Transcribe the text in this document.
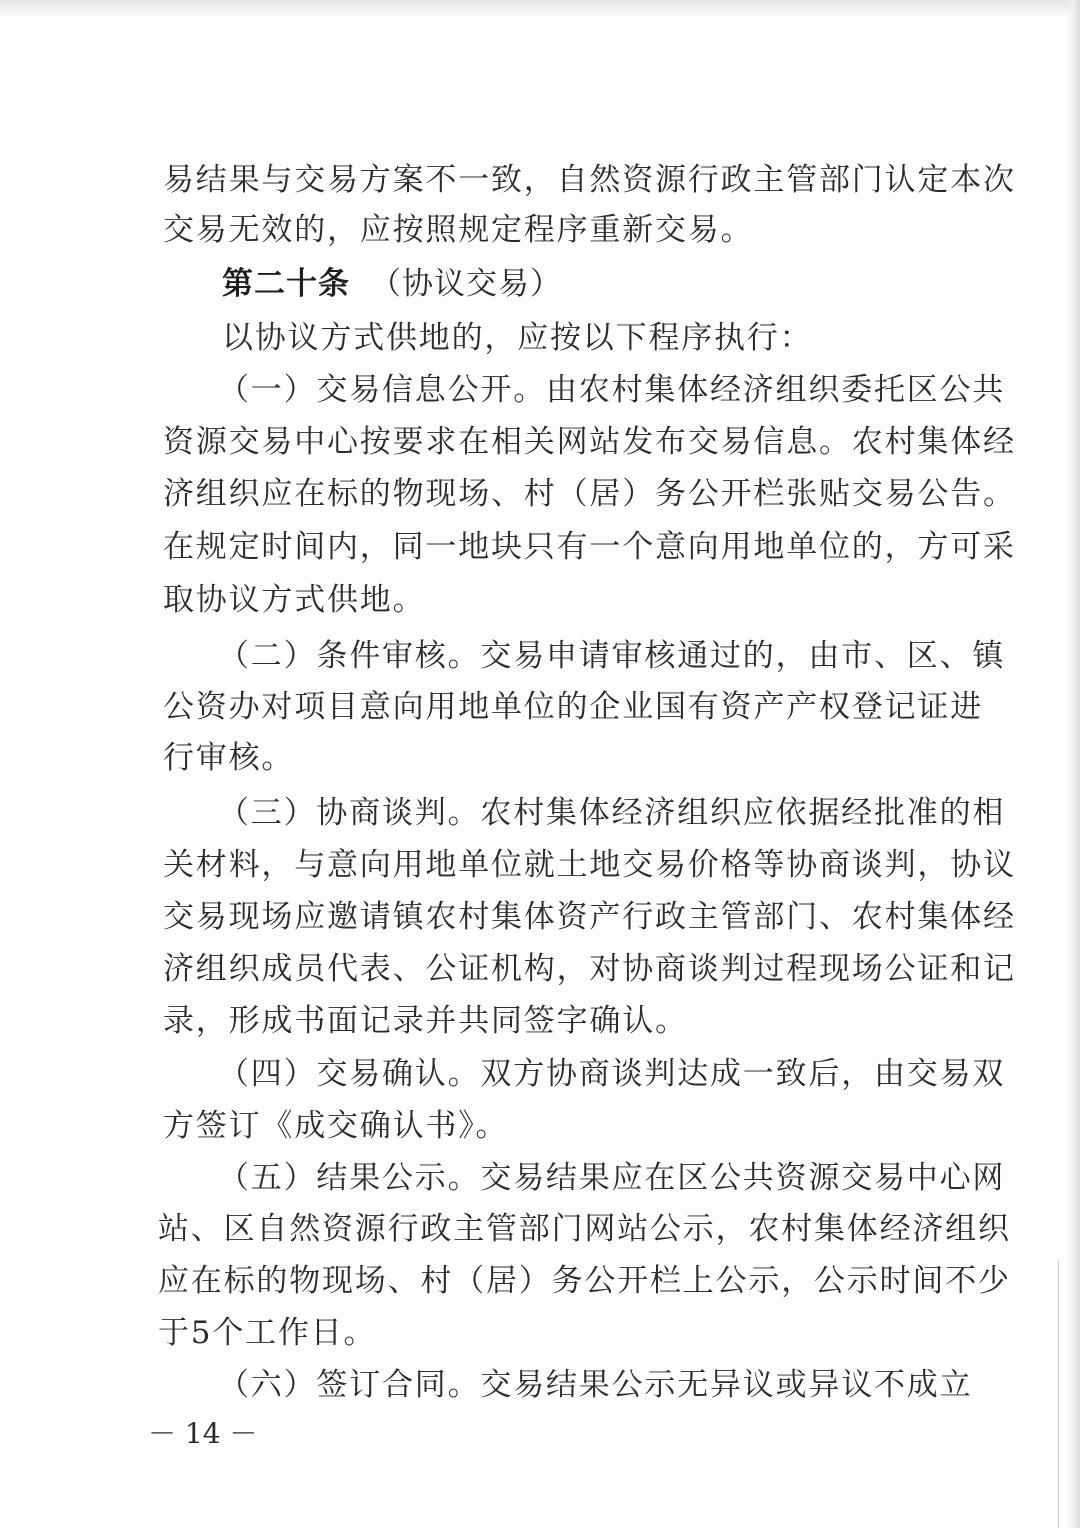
易结果与交易方案不一致，自然资源行政主管部门认定本次

交易无效的，应按照规定程序重新交易。

第二十条 （协议交易）

以协议方式供地的，应按以下程序执行：

（一）交易信息公开。由农村集体经济组织委托区公共

资源交易中心按要求在相关网站发布交易信息。农村集体经

济组织应在标的物现场、村（居）务公开栏张贴交易公告。

在规定时间内，同一地块只有一个意向用地单位的，方可采

取协议方式供地。

（二）条件审核。交易申请审核通过的，由市、区、镇

公资办对项目意向用地单位的企业国有资产产权登记证进

行审核。

（三）协商谈判。农村集体经济组织应依据经批准的相

关材料，与意向用地单位就土地交易价格等协商谈判，协议

交易现场应邀请镇农村集体资产行政主管部门、农村集体经

济组织成员代表、公证机构，对协商谈判过程现场公证和记

录，形成书面记录并共同签字确认。

（四）交易确认。双方协商谈判达成一致后，由交易双

方签订《成交确认书》。

（五）结果公示。交易结果应在区公共资源交易中心网

站、区自然资源行政主管部门网站公示，农村集体经济组织

应在标的物现场、村（居）务公开栏上公示，公示时间不少

于5个工作日。

（六）签订合同。交易结果公示无异议或异议不成立

－ 14 －
